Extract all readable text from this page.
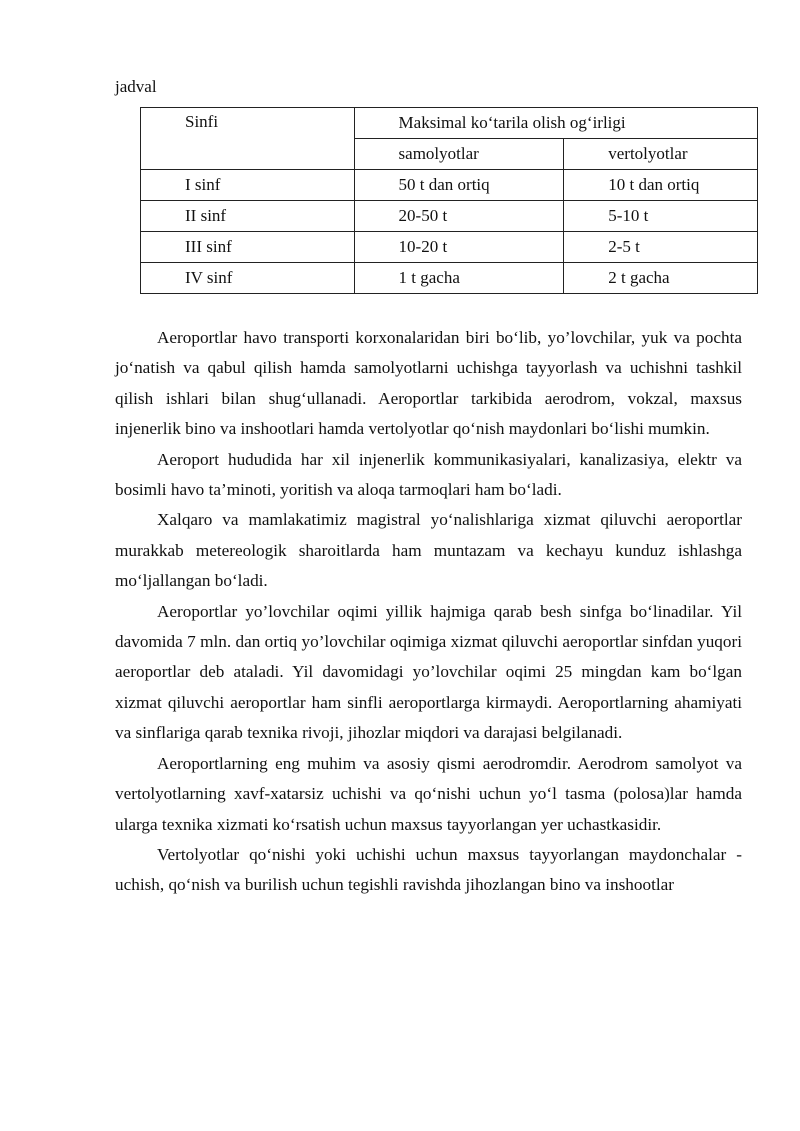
jadval
Sinfi	Maksimal ko‘tarila olish og‘irligi	
	samolyotlar	vertolyotlar
I sinf	50 t dan ortiq	10 t dan ortiq
II sinf	20-50 t	5-10 t
III sinf	10-20 t	2-5 t
IV sinf	1 t gacha	2 t gacha

Aeroportlar havo transporti korxonalaridan biri bo‘lib, yo’lovchilar, yuk va pochta jo‘natish va qabul qilish hamda samolyotlarni uchishga tayyorlash va uchishni tashkil qilish ishlari bilan shug‘ullanadi. Aeroportlar tarkibida aerodrom, vokzal, maxsus injenerlik bino va inshootlari hamda vertolyotlar qo‘nish maydonlari bo‘lishi mumkin.

Aeroport hududida har xil injenerlik kommunikasiyalari, kanalizasiya, elektr va bosimli havo ta’minoti, yoritish va aloqa tarmoqlari ham bo‘ladi.

Xalqaro va mamlakatimiz magistral yo‘nalishlariga xizmat qiluvchi aeroportlar murakkab metereologik sharoitlarda ham muntazam va kechayu kunduz ishlashga mo‘ljallangan bo‘ladi.

Aeroportlar yo’lovchilar oqimi yillik hajmiga qarab besh sinfga bo‘linadilar. Yil davomida 7 mln. dan ortiq yo’lovchilar oqimiga xizmat qiluvchi aeroportlar sinfdan yuqori aeroportlar deb ataladi. Yil davomidagi yo’lovchilar oqimi 25 mingdan kam bo‘lgan xizmat qiluvchi aeroportlar ham sinfli aeroportlarga kirmaydi. Aeroportlarning ahamiyati va sinflariga qarab texnika rivoji, jihozlar miqdori va darajasi belgilanadi.

Aeroportlarning eng muhim va asosiy qismi aerodromdir. Aerodrom samolyot va vertolyotlarning xavf-xatarsiz uchishi va qo‘nishi uchun yo‘l tasma (polosa)lar hamda ularga texnika xizmati ko‘rsatish uchun maxsus tayyorlangan yer uchastkasidir.

Vertolyotlar qo‘nishi yoki uchishi uchun maxsus tayyorlangan maydonchalar - uchish, qo‘nish va burilish uchun tegishli ravishda jihozlangan bino va inshootlar
